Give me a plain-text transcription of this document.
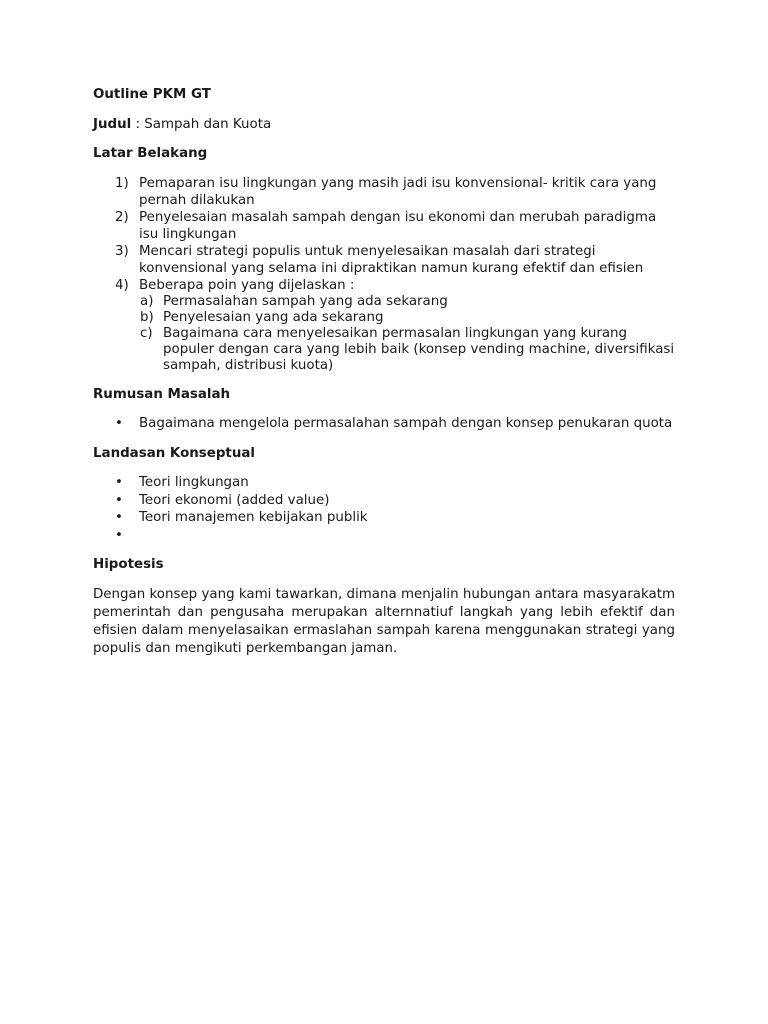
Outline PKM GT
Judul : Sampah dan Kuota
Latar Belakang
1) Pemaparan isu lingkungan yang masih jadi isu konvensional- kritik cara yang pernah dilakukan
2) Penyelesaian masalah sampah dengan isu ekonomi dan merubah paradigma isu lingkungan
3) Mencari strategi populis untuk menyelesaikan masalah dari strategi konvensional yang selama ini dipraktikan namun kurang efektif dan efisien
4) Beberapa poin yang dijelaskan :
a) Permasalahan sampah yang ada sekarang
b) Penyelesaian yang ada sekarang
c) Bagaimana cara menyelesaikan permasalan lingkungan yang kurang populer dengan cara yang lebih baik (konsep vending machine, diversifikasi sampah, distribusi kuota)
Rumusan Masalah
• Bagaimana mengelola permasalahan sampah dengan konsep penukaran quota
Landasan Konseptual
• Teori lingkungan
• Teori ekonomi (added value)
• Teori manajemen kebijakan publik
•
Hipotesis

Dengan konsep yang kami tawarkan, dimana menjalin hubungan antara masyarakatm pemerintah dan pengusaha merupakan alternnatiuf langkah yang lebih efektif dan efisien dalam menyelasaikan ermaslahan sampah karena menggunakan strategi yang populis dan mengikuti perkembangan jaman.
